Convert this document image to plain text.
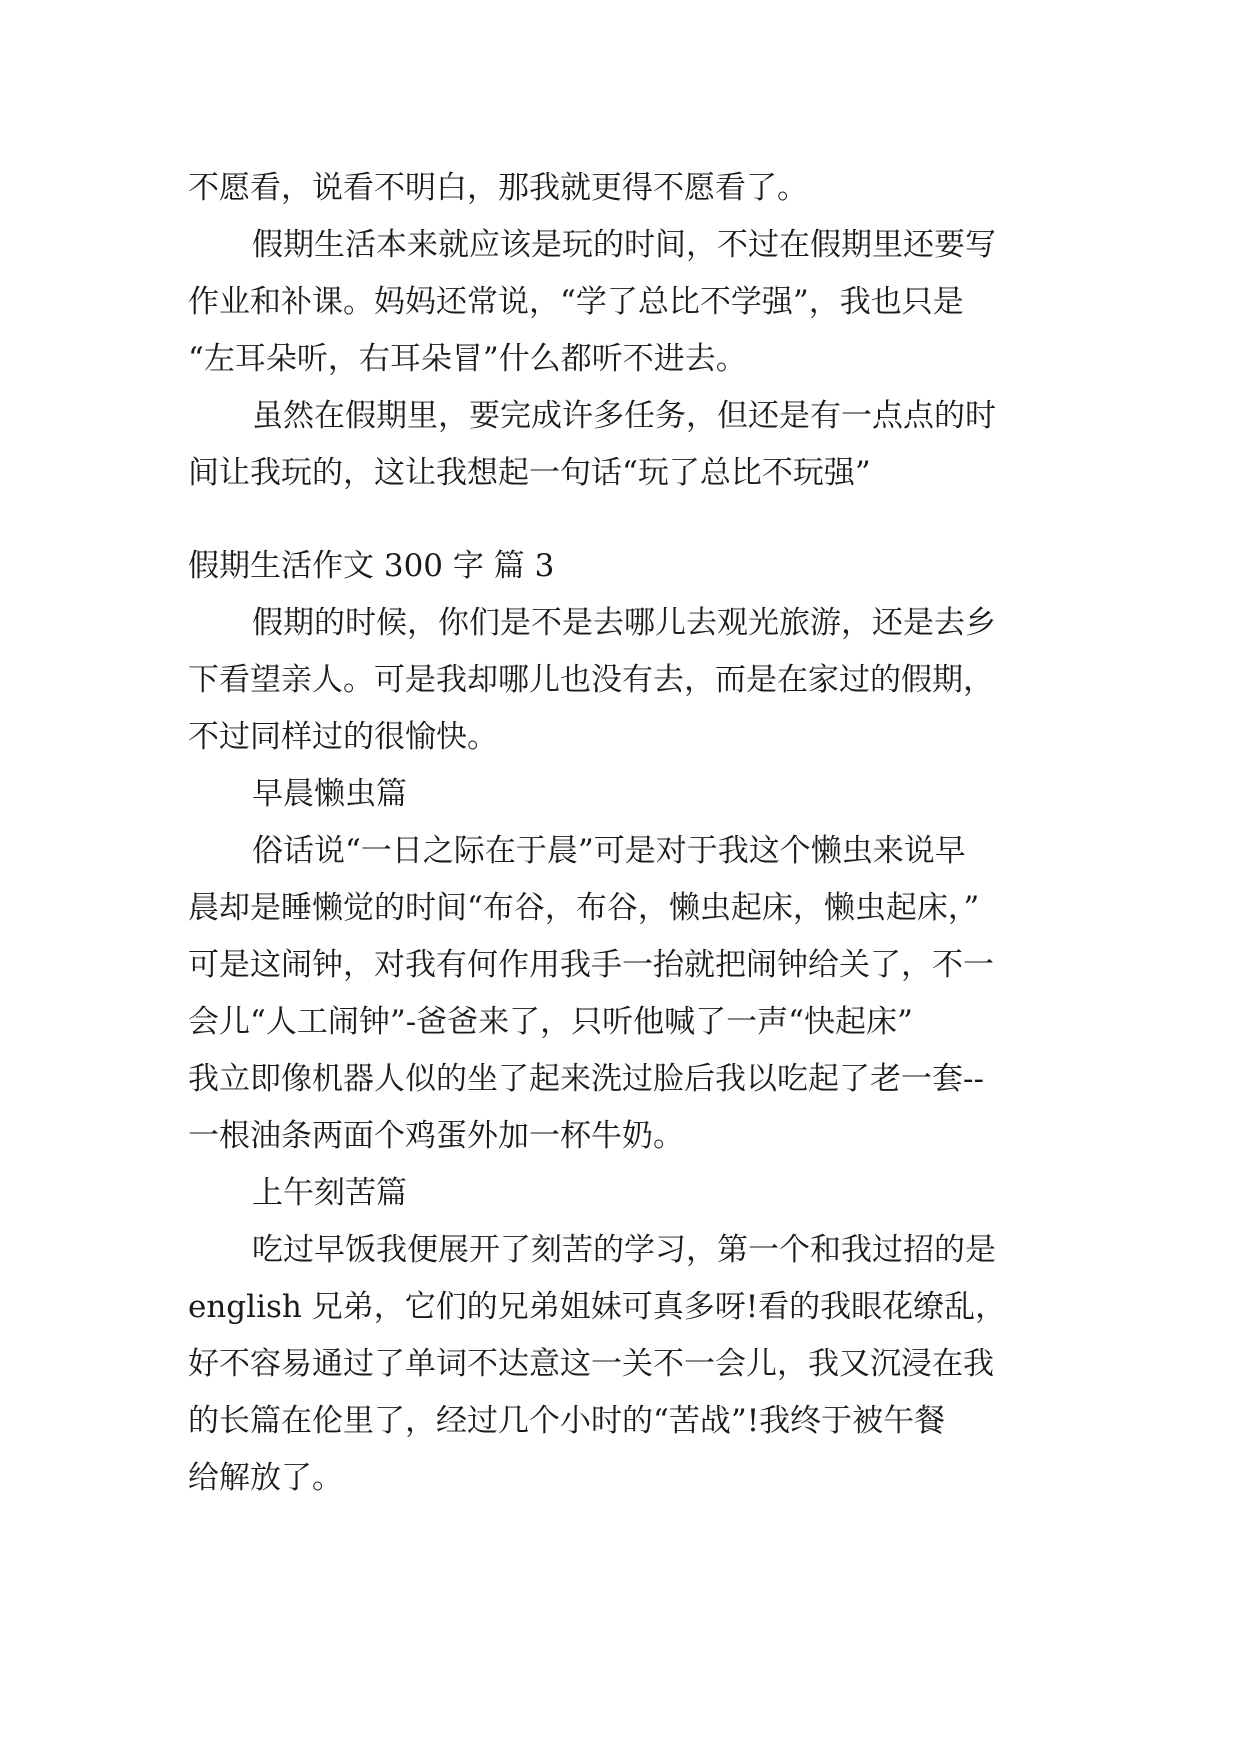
不愿看，说看不明白，那我就更得不愿看了。
假期生活本来就应该是玩的时间，不过在假期里还要写
作业和补课。妈妈还常说，“学了总比不学强”，我也只是
“左耳朵听，右耳朵冒”什么都听不进去。
虽然在假期里，要完成许多任务，但还是有一点点的时
间让我玩的，这让我想起一句话“玩了总比不玩强”
假期生活作文 300 字 篇 3
假期的时候，你们是不是去哪儿去观光旅游，还是去乡
下看望亲人。可是我却哪儿也没有去，而是在家过的假期，
不过同样过的很愉快。
早晨懒虫篇
俗话说“一日之际在于晨”可是对于我这个懒虫来说早
晨却是睡懒觉的时间“布谷，布谷，懒虫起床，懒虫起床，”
可是这闹钟，对我有何作用我手一抬就把闹钟给关了，不一
会儿“人工闹钟”-爸爸来了，只听他喊了一声“快起床”
我立即像机器人似的坐了起来洗过脸后我以吃起了老一套--
一根油条两面个鸡蛋外加一杯牛奶。
上午刻苦篇
吃过早饭我便展开了刻苦的学习，第一个和我过招的是
english 兄弟，它们的兄弟姐妹可真多呀!看的我眼花缭乱，
好不容易通过了单词不达意这一关不一会儿，我又沉浸在我
的长篇在伦里了，经过几个小时的“苦战”!我终于被午餐
给解放了。
